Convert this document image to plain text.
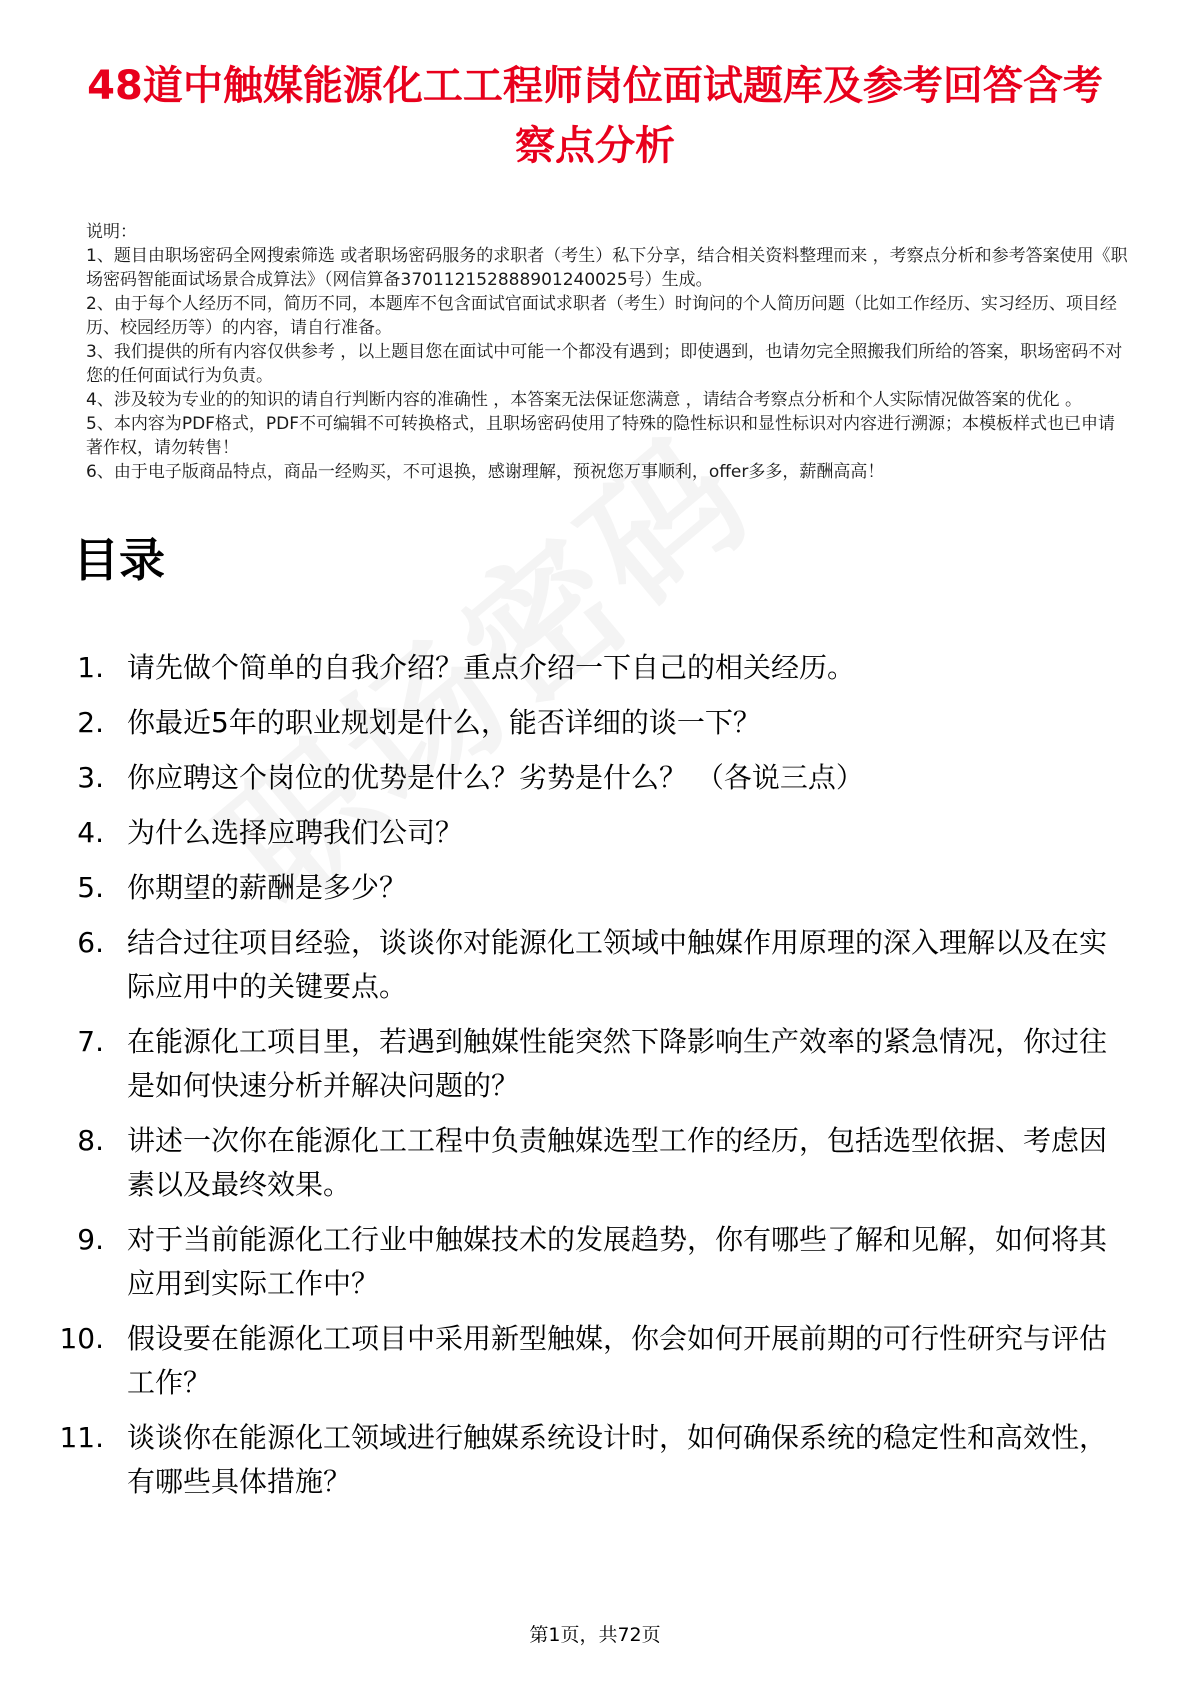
48道中触媒能源化工工程师岗位面试题库及参考回答含考察点分析

说明：

1、题目由职场密码全网搜索筛选 或者职场密码服务的求职者（考生）私下分享，结合相关资料整理而来 ，考察点分析和参考答案使用《职场密码智能面试场景合成算法》（网信算备370112152888901240025号）生成。

2、由于每个人经历不同，简历不同，本题库不包含面试官面试求职者（考生）时询问的个人简历问题（比如工作经历、实习经历、项目经历、校园经历等）的内容，请自行准备。

3、我们提供的所有内容仅供参考 ，以上题目您在面试中可能一个都没有遇到；即使遇到，也请勿完全照搬我们所给的答案，职场密码不对您的任何面试行为负责。

4、涉及较为专业的的知识的请自行判断内容的准确性 ，本答案无法保证您满意 ，请结合考察点分析和个人实际情况做答案的优化 。

5、本内容为PDF格式，PDF不可编辑不可转换格式，且职场密码使用了特殊的隐性标识和显性标识对内容进行溯源；本模板样式也已申请著作权，请勿转售！

6、由于电子版商品特点，商品一经购买，不可退换，感谢理解，预祝您万事顺利，offer多多，薪酬高高！

目录
1. 请先做个简单的自我介绍？重点介绍一下自己的相关经历。
2. 你最近5年的职业规划是什么，能否详细的谈一下？
3. 你应聘这个岗位的优势是什么？劣势是什么？ （各说三点）
4. 为什么选择应聘我们公司？
5. 你期望的薪酬是多少？
6. 结合过往项目经验，谈谈你对能源化工领域中触媒作用原理的深入理解以及在实际应用中的关键要点。
7. 在能源化工项目里，若遇到触媒性能突然下降影响生产效率的紧急情况，你过往是如何快速分析并解决问题的？
8. 讲述一次你在能源化工工程中负责触媒选型工作的经历，包括选型依据、考虑因素以及最终效果。
9. 对于当前能源化工行业中触媒技术的发展趋势，你有哪些了解和见解，如何将其应用到实际工作中？
10. 假设要在能源化工项目中采用新型触媒，你会如何开展前期的可行性研究与评估工作？
11. 谈谈你在能源化工领域进行触媒系统设计时，如何确保系统的稳定性和高效性，有哪些具体措施？
第1页，共72页
